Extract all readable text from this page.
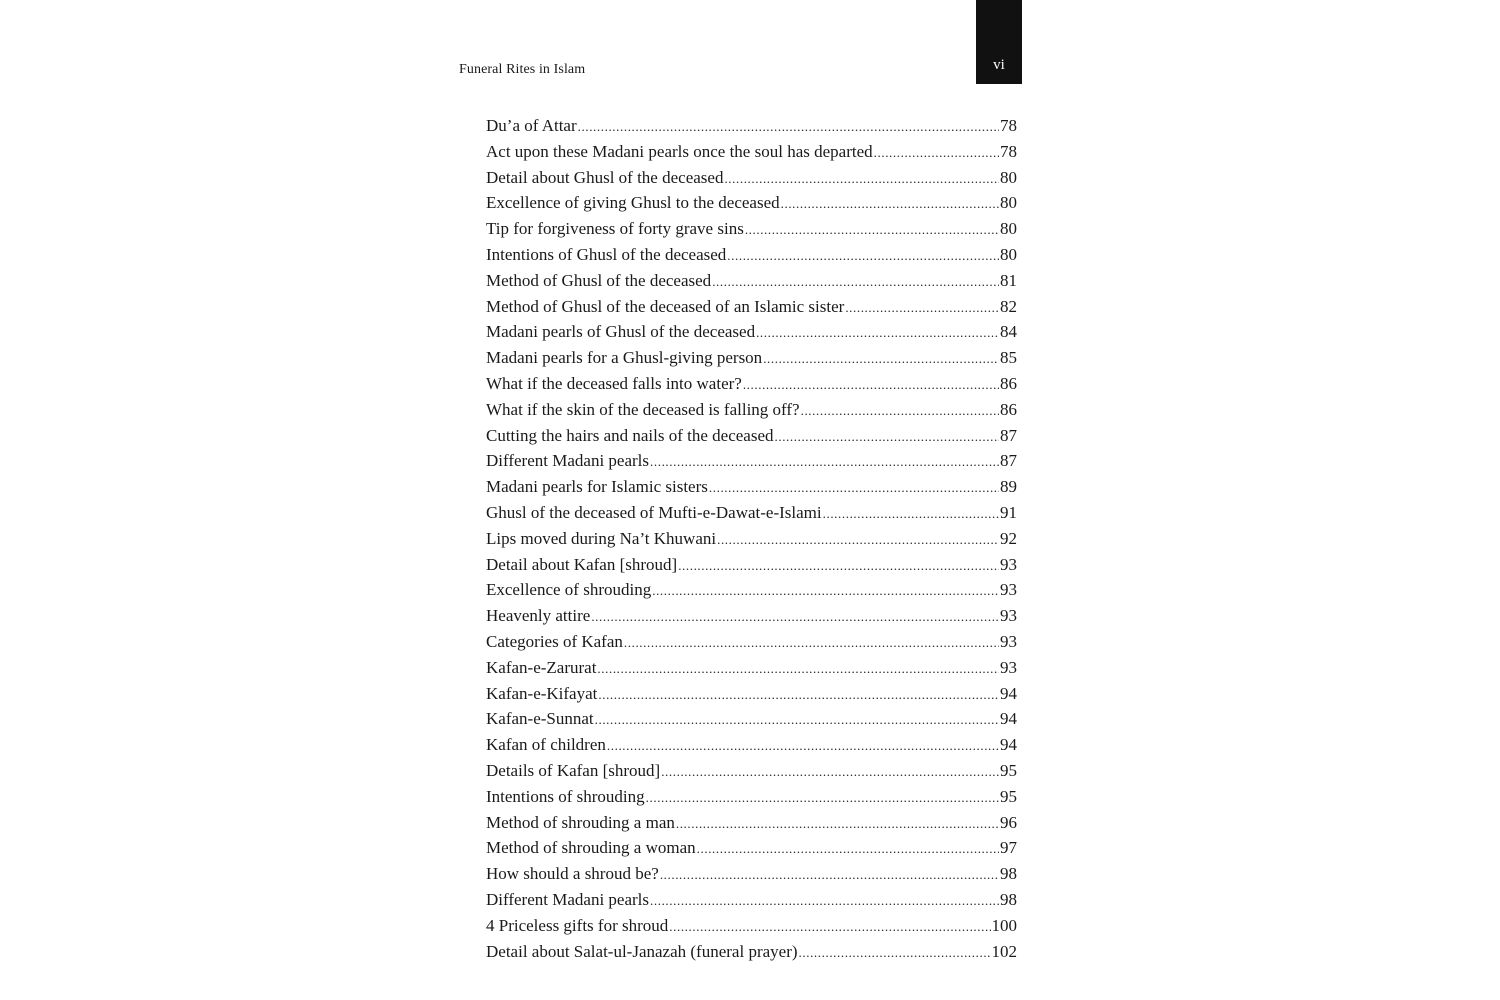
Funeral Rites in Islam	vi
Du’a of Attar .....	78
Act upon these Madani pearls once the soul has departed .....	78
Detail about Ghusl of the deceased .....	80
Excellence of giving Ghusl to the deceased .....	80
Tip for forgiveness of forty grave sins .....	80
Intentions of Ghusl of the deceased .....	80
Method of Ghusl of the deceased .....	81
Method of Ghusl of the deceased of an Islamic sister .....	82
Madani pearls of Ghusl of the deceased .....	84
Madani pearls for a Ghusl-giving person .....	85
What if the deceased falls into water? .....	86
What if the skin of the deceased is falling off? .....	86
Cutting the hairs and nails of the deceased .....	87
Different Madani pearls .....	87
Madani pearls for Islamic sisters .....	89
Ghusl of the deceased of Mufti-e-Dawat-e-Islami .....	91
Lips moved during Na’t Khuwani .....	92
Detail about Kafan [shroud] .....	93
Excellence of shrouding .....	93
Heavenly attire .....	93
Categories of Kafan .....	93
Kafan-e-Zarurat .....	93
Kafan-e-Kifayat .....	94
Kafan-e-Sunnat .....	94
Kafan of children .....	94
Details of Kafan [shroud] .....	95
Intentions of shrouding .....	95
Method of shrouding a man .....	96
Method of shrouding a woman .....	97
How should a shroud be? .....	98
Different Madani pearls .....	98
4 Priceless gifts for shroud .....	100
Detail about Salat-ul-Janazah (funeral prayer) .....	102
